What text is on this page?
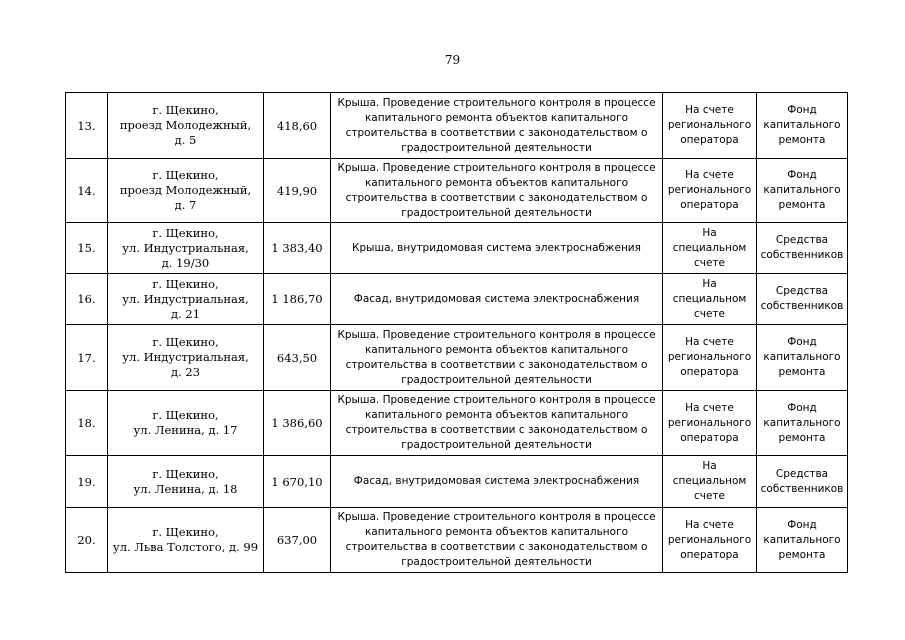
79
13.	г. Щекино,
проезд Молодежный,
д. 5	418,60	Крыша. Проведение строительного контроля в процессе
капитального ремонта объектов капитального
строительства в соответствии с законодательством о
градостроительной деятельности	На счете
регионального
оператора	Фонд
капитального
ремонта

14.	г. Щекино,
проезд Молодежный,
д. 7	419,90	Крыша. Проведение строительного контроля в процессе
капитального ремонта объектов капитального
строительства в соответствии с законодательством о
градостроительной деятельности	На счете
регионального
оператора	Фонд
капитального
ремонта

15.	г. Щекино,
ул. Индустриальная,
д. 19/30	1 383,40	Крыша, внутридомовая система электроснабжения	На
специальном
счете	Средства
собственников

16.	г. Щекино,
ул. Индустриальная,
д. 21	1 186,70	Фасад, внутридомовая система электроснабжения	На
специальном
счете	Средства
собственников

17.	г. Щекино,
ул. Индустриальная,
д. 23	643,50	Крыша. Проведение строительного контроля в процессе
капитального ремонта объектов капитального
строительства в соответствии с законодательством о
градостроительной деятельности	На счете
регионального
оператора	Фонд
капитального
ремонта

18.	г. Щекино,
ул. Ленина, д. 17	1 386,60	Крыша. Проведение строительного контроля в процессе
капитального ремонта объектов капитального
строительства в соответствии с законодательством о
градостроительной деятельности	На счете
регионального
оператора	Фонд
капитального
ремонта

19.	г. Щекино,
ул. Ленина, д. 18	1 670,10	Фасад, внутридомовая система электроснабжения	На
специальном
счете	Средства
собственников

20.	г. Щекино,
ул. Льва Толстого, д. 99	637,00	Крыша. Проведение строительного контроля в процессе
капитального ремонта объектов капитального
строительства в соответствии с законодательством о
градостроительной деятельности	На счете
регионального
оператора	Фонд
капитального
ремонта
